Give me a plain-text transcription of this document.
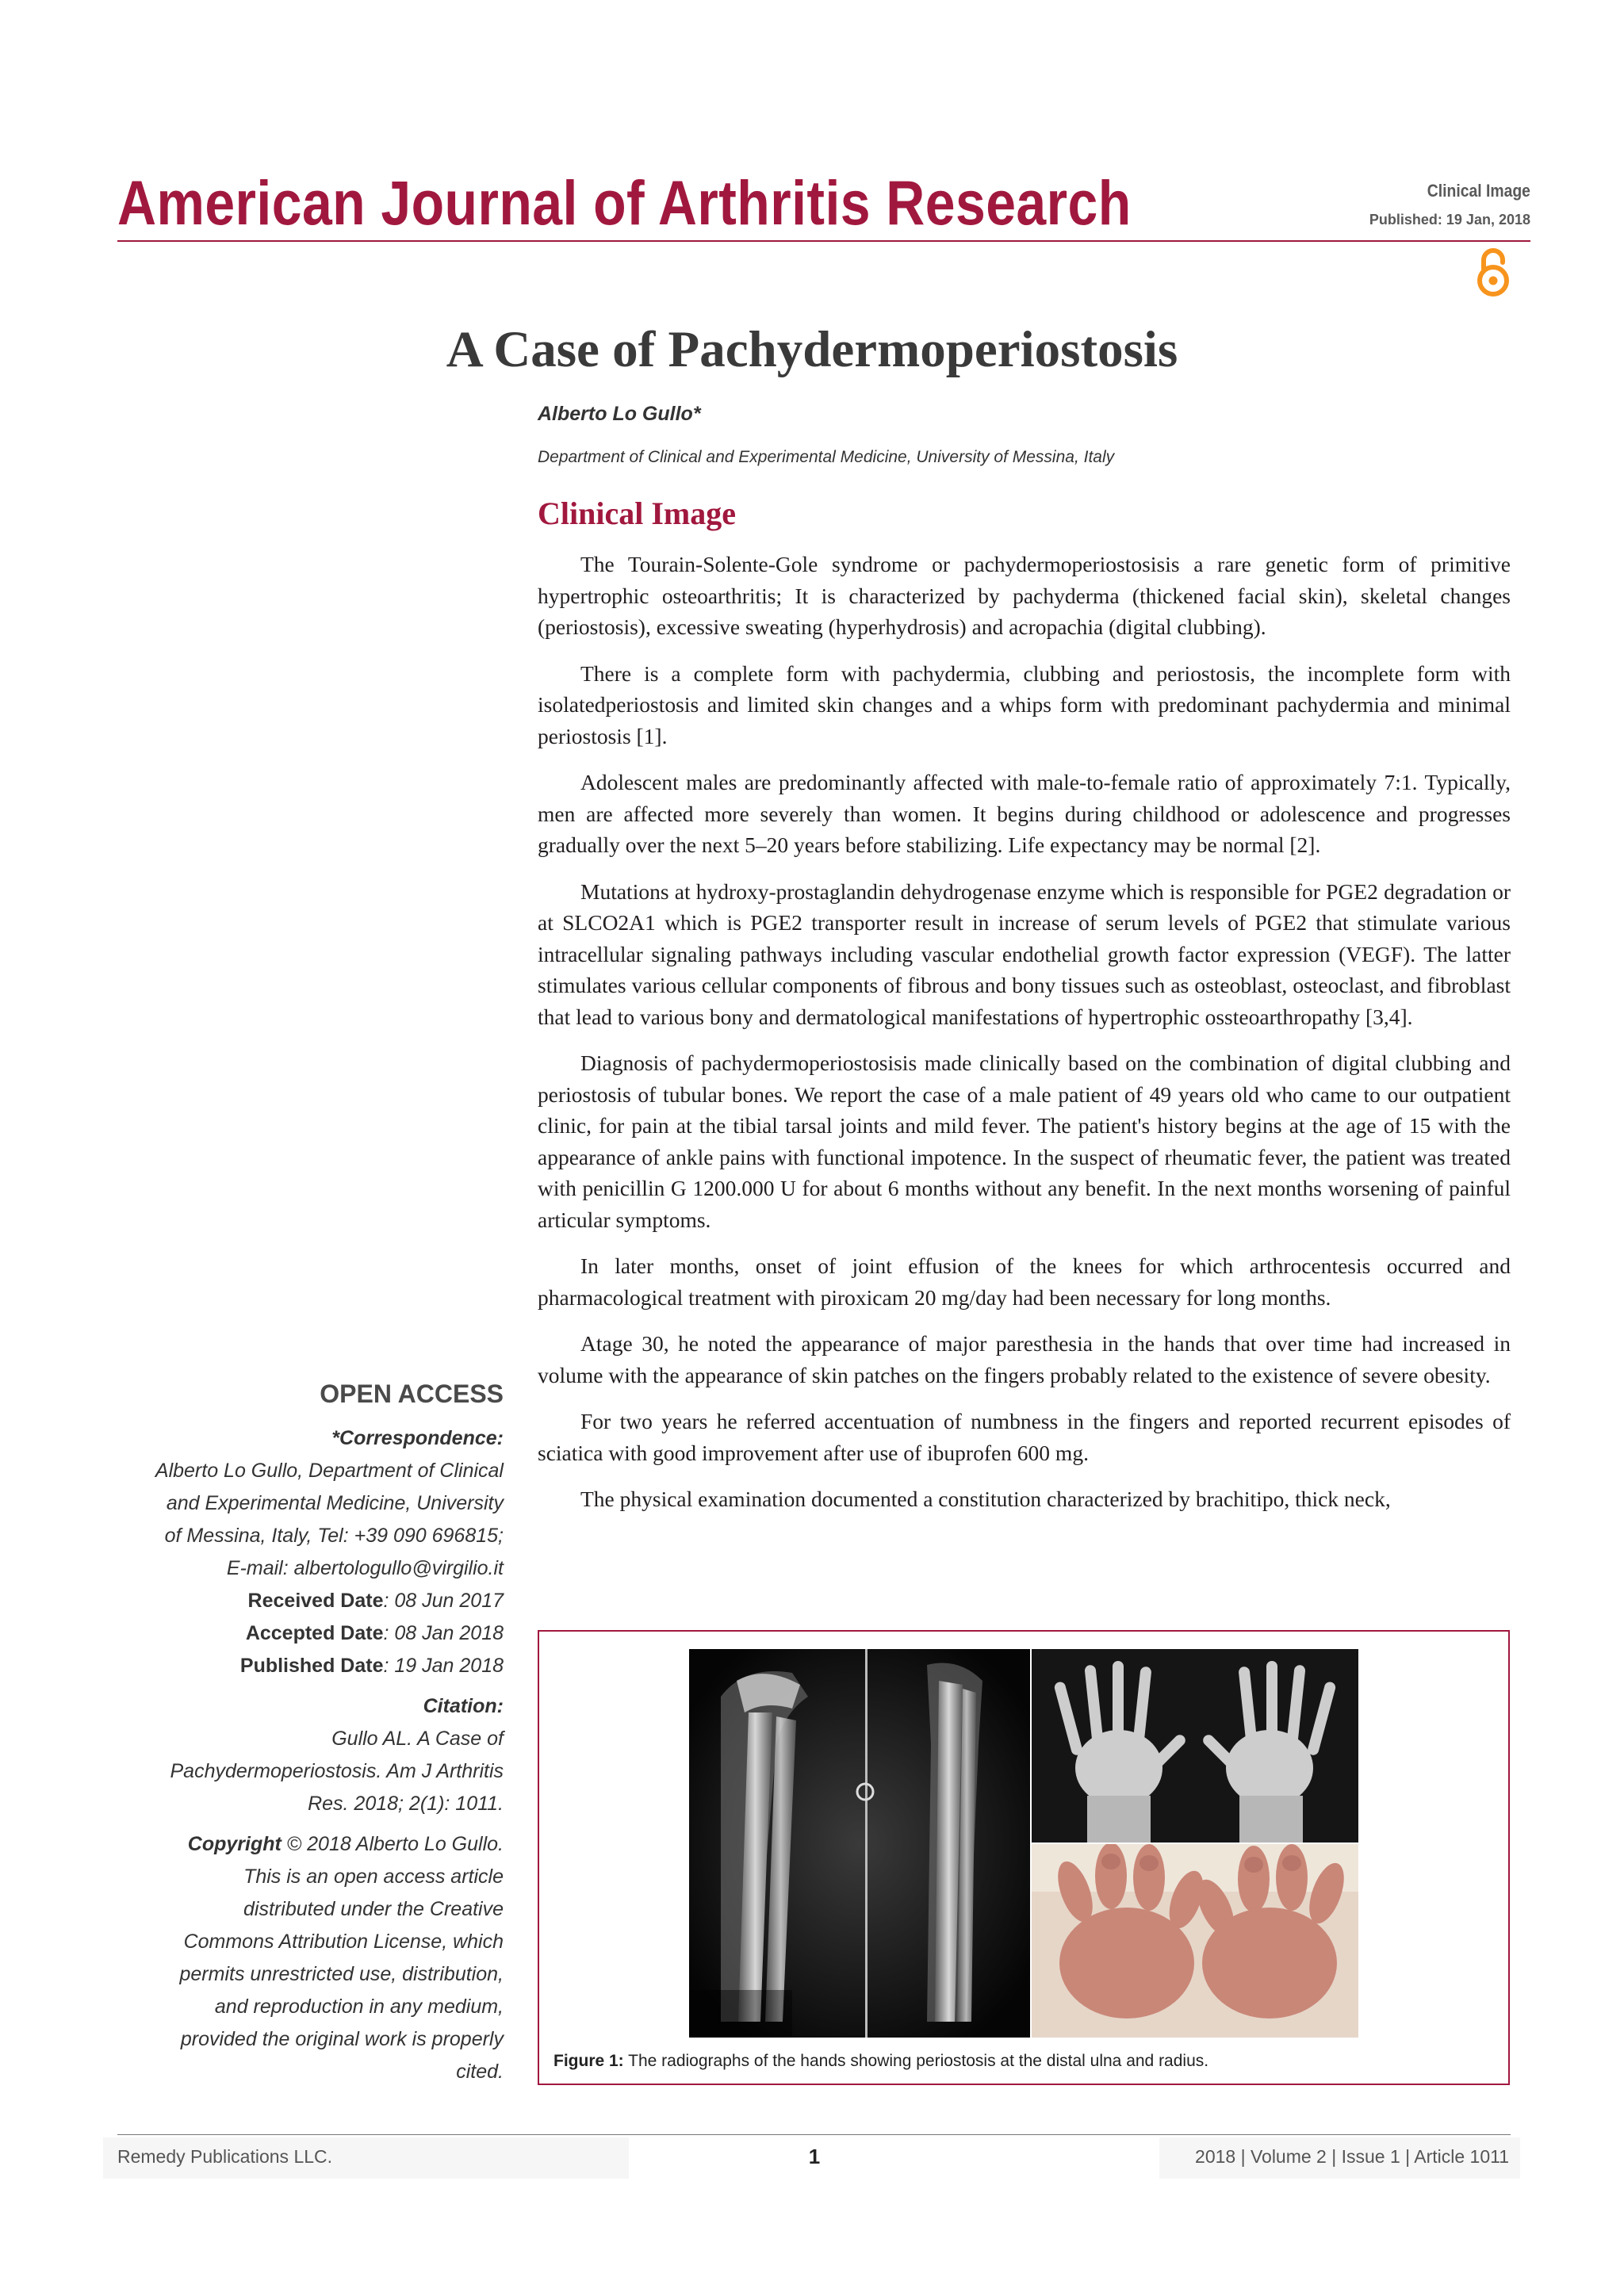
American Journal of Arthritis Research	Clinical Image
Published: 19 Jan, 2018
A Case of Pachydermoperiostosis
Alberto Lo Gullo*
Department of Clinical and Experimental Medicine, University of Messina, Italy
Clinical Image

The Tourain-Solente-Gole syndrome or pachydermoperiostosisis a rare genetic form of primitive hypertrophic osteoarthritis; It is characterized by pachyderma (thickened facial skin), skeletal changes (periostosis), excessive sweating (hyperhydrosis) and acropachia (digital clubbing).

There is a complete form with pachydermia, clubbing and periostosis, the incomplete form with isolatedperiostosis and limited skin changes and a whips form with predominant pachydermia and minimal periostosis [1].

Adolescent males are predominantly affected with male-to-female ratio of approximately 7:1. Typically, men are affected more severely than women. It begins during childhood or adolescence and progresses gradually over the next 5–20 years before stabilizing. Life expectancy may be normal [2].

Mutations at hydroxy-prostaglandin dehydrogenase enzyme which is responsible for PGE2 degradation or at SLCO2A1 which is PGE2 transporter result in increase of serum levels of PGE2 that stimulate various intracellular signaling pathways including vascular endothelial growth factor expression (VEGF). The latter stimulates various cellular components of fibrous and bony tissues such as osteoblast, osteoclast, and fibroblast that lead to various bony and dermatological manifestations of hypertrophic ossteoarthropathy [3,4].

Diagnosis of pachydermoperiostosisis made clinically based on the combination of digital clubbing and periostosis of tubular bones. We report the case of a male patient of 49 years old who came to our outpatient clinic, for pain at the tibial tarsal joints and mild fever. The patient's history begins at the age of 15 with the appearance of ankle pains with functional impotence. In the suspect of rheumatic fever, the patient was treated with penicillin G 1200.000 U for about 6 months without any benefit. In the next months worsening of painful articular symptoms.

In later months, onset of joint effusion of the knees for which arthrocentesis occurred and pharmacological treatment with piroxicam 20 mg/day had been necessary for long months.

Atage 30, he noted the appearance of major paresthesia in the hands that over time had increased in volume with the appearance of skin patches on the fingers probably related to the existence of severe obesity.

For two years he referred accentuation of numbness in the fingers and reported recurrent episodes of sciatica with good improvement after use of ibuprofen 600 mg.

The physical examination documented a constitution characterized by brachitipo, thick neck,

OPEN ACCESS
*Correspondence:
Alberto Lo Gullo, Department of Clinical
and Experimental Medicine, University
of Messina, Italy, Tel: +39 090 696815;
E-mail: albertologullo@virgilio.it
Received Date: 08 Jun 2017
Accepted Date: 08 Jan 2018
Published Date: 19 Jan 2018
Citation:
Gullo AL. A Case of
Pachydermoperiostosis. Am J Arthritis
Res. 2018; 2(1): 1011.
Copyright © 2018 Alberto Lo Gullo.
This is an open access article
distributed under the Creative
Commons Attribution License, which
permits unrestricted use, distribution,
and reproduction in any medium,
provided the original work is properly
cited.	Figure 1: The radiographs of the hands showing periostosis at the distal ulna and radius.
Remedy Publications LLC.	1	2018 | Volume 2 | Issue 1 | Article 1011
